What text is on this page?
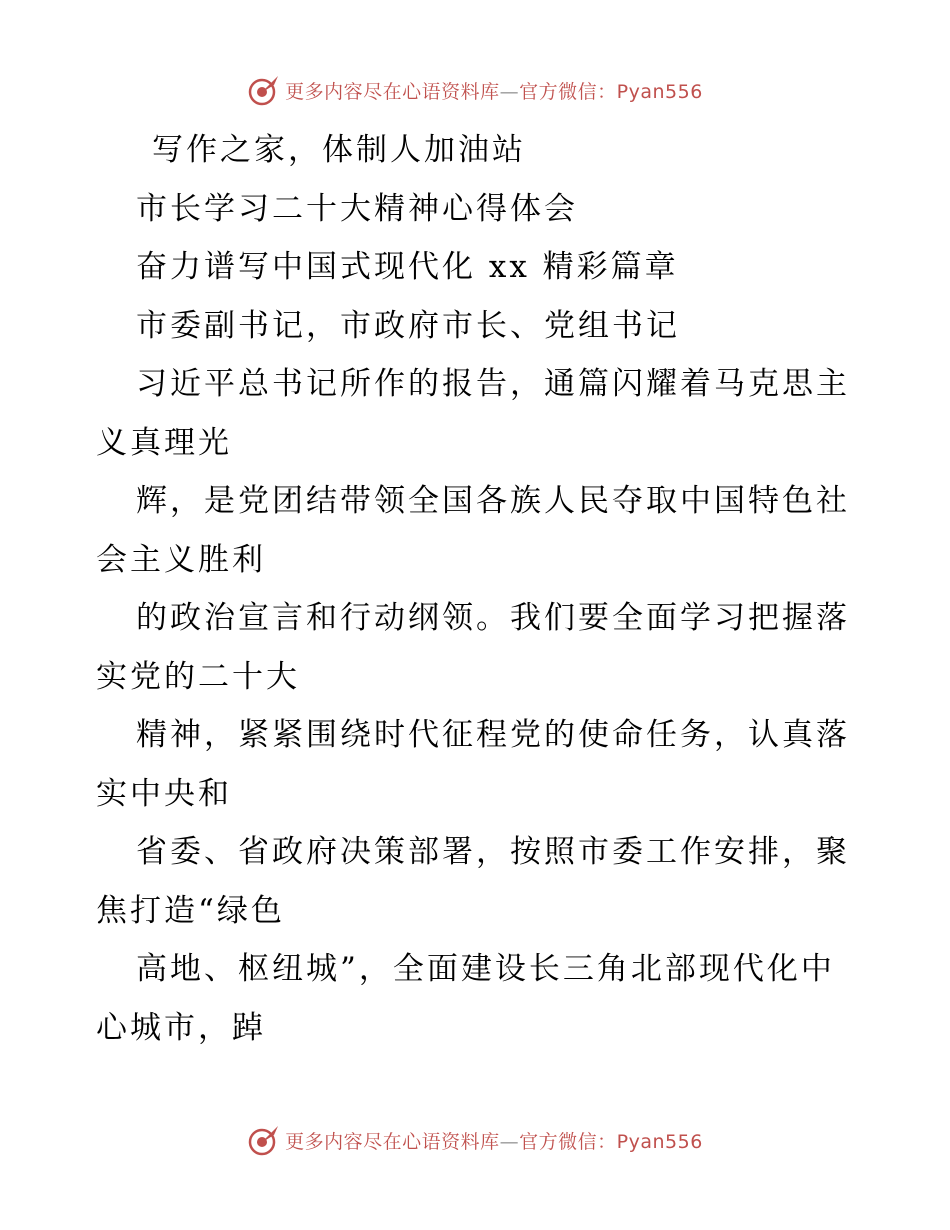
更多内容尽在心语资料库—官方微信：Pyan556

写作之家，体制人加油站

市长学习二十大精神心得体会

奋力谱写中国式现代化 xx 精彩篇章

市委副书记，市政府市长、党组书记

习近平总书记所作的报告，通篇闪耀着马克思主

义真理光

辉，是党团结带领全国各族人民夺取中国特色社

会主义胜利

的政治宣言和行动纲领。我们要全面学习把握落

实党的二十大

精神，紧紧围绕时代征程党的使命任务，认真落

实中央和

省委、省政府决策部署，按照市委工作安排，聚

焦打造“绿色

高地、枢纽城”，全面建设长三角北部现代化中

心城市，踔

更多内容尽在心语资料库—官方微信：Pyan556
